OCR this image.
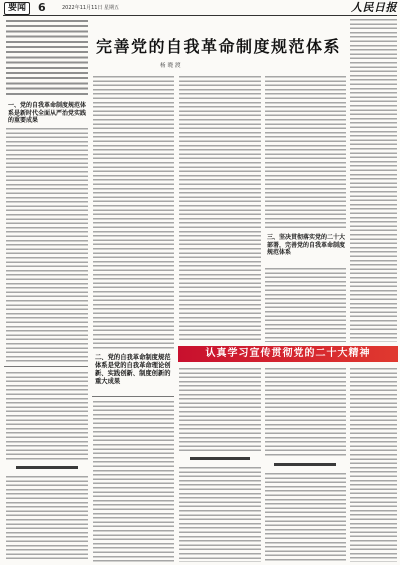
要闻	6	2022年11月11日 星期五	人民日报
一、党的自我革命制度规范体系是新时代全面从严治党实践的重要成果
完善党的自我革命制度规范体系
杨晓渡
二、党的自我革命制度规范体系是党的自我革命理论创新、实践创新、制度创新的重大成果
三、坚决贯彻落实党的二十大部署，完善党的自我革命制度规范体系
认真学习宣传贯彻党的二十大精神
